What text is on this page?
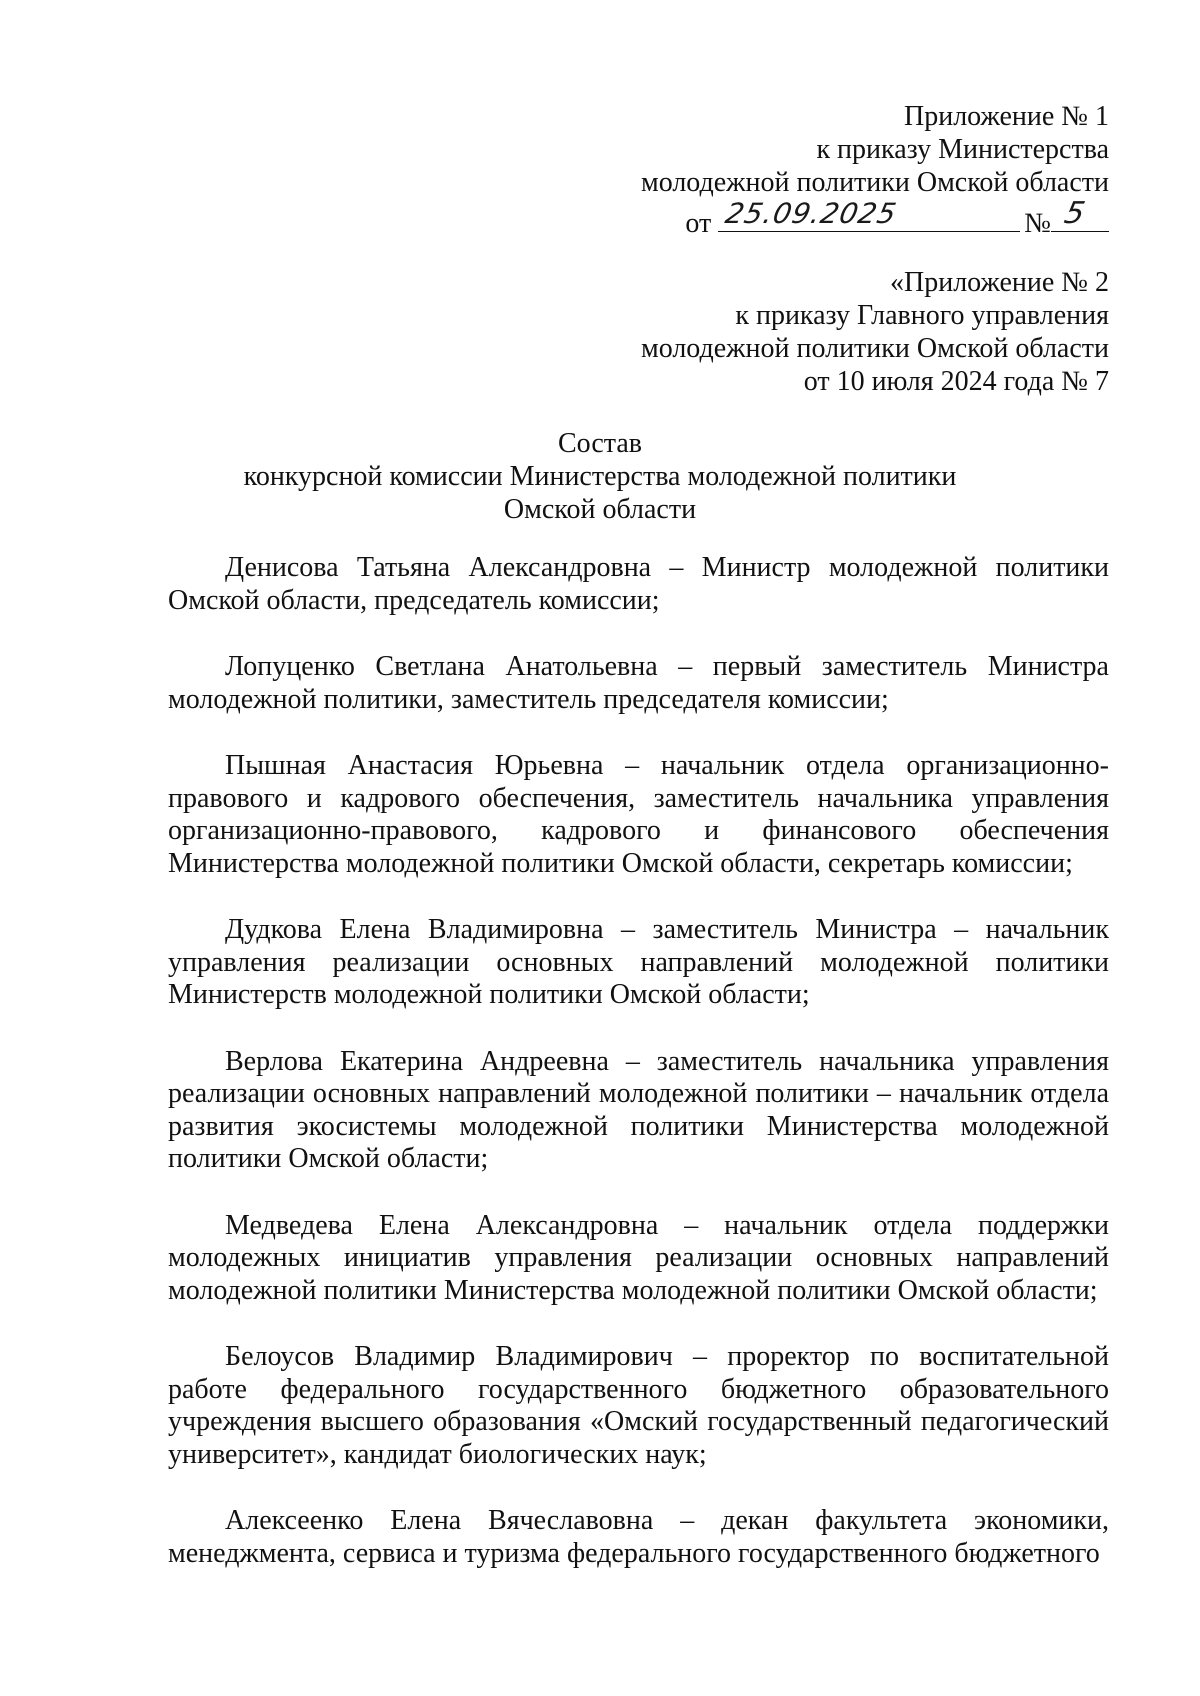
Приложение № 1
к приказу Министерства
молодежной политики Омской области
от 25.09.2025	№ 5
«Приложение № 2
к приказу Главного управления
молодежной политики Омской области
от 10 июля 2024 года № 7
Состав
конкурсной комиссии Министерства молодежной политики
Омской области

Денисова Татьяна Александровна – Министр молодежной политики Омской области, председатель комиссии;

Лопуценко Светлана Анатольевна – первый заместитель Министра молодежной политики, заместитель председателя комиссии;

Пышная Анастасия Юрьевна – начальник отдела организационно-правового и кадрового обеспечения, заместитель начальника управления организационно-правового, кадрового и финансового обеспечения Министерства молодежной политики Омской области, секретарь комиссии;

Дудкова Елена Владимировна – заместитель Министра – начальник управления реализации основных направлений молодежной политики Министерств молодежной политики Омской области;

Верлова Екатерина Андреевна – заместитель начальника управления реализации основных направлений молодежной политики – начальник отдела развития экосистемы молодежной политики Министерства молодежной политики Омской области;

Медведева Елена Александровна – начальник отдела поддержки молодежных инициатив управления реализации основных направлений молодежной политики Министерства молодежной политики Омской области;

Белоусов Владимир Владимирович – проректор по воспитательной работе федерального государственного бюджетного образовательного учреждения высшего образования «Омский государственный педагогический университет», кандидат биологических наук;

Алексеенко Елена Вячеславовна – декан факультета экономики, менеджмента, сервиса и туризма федерального государственного бюджетного
